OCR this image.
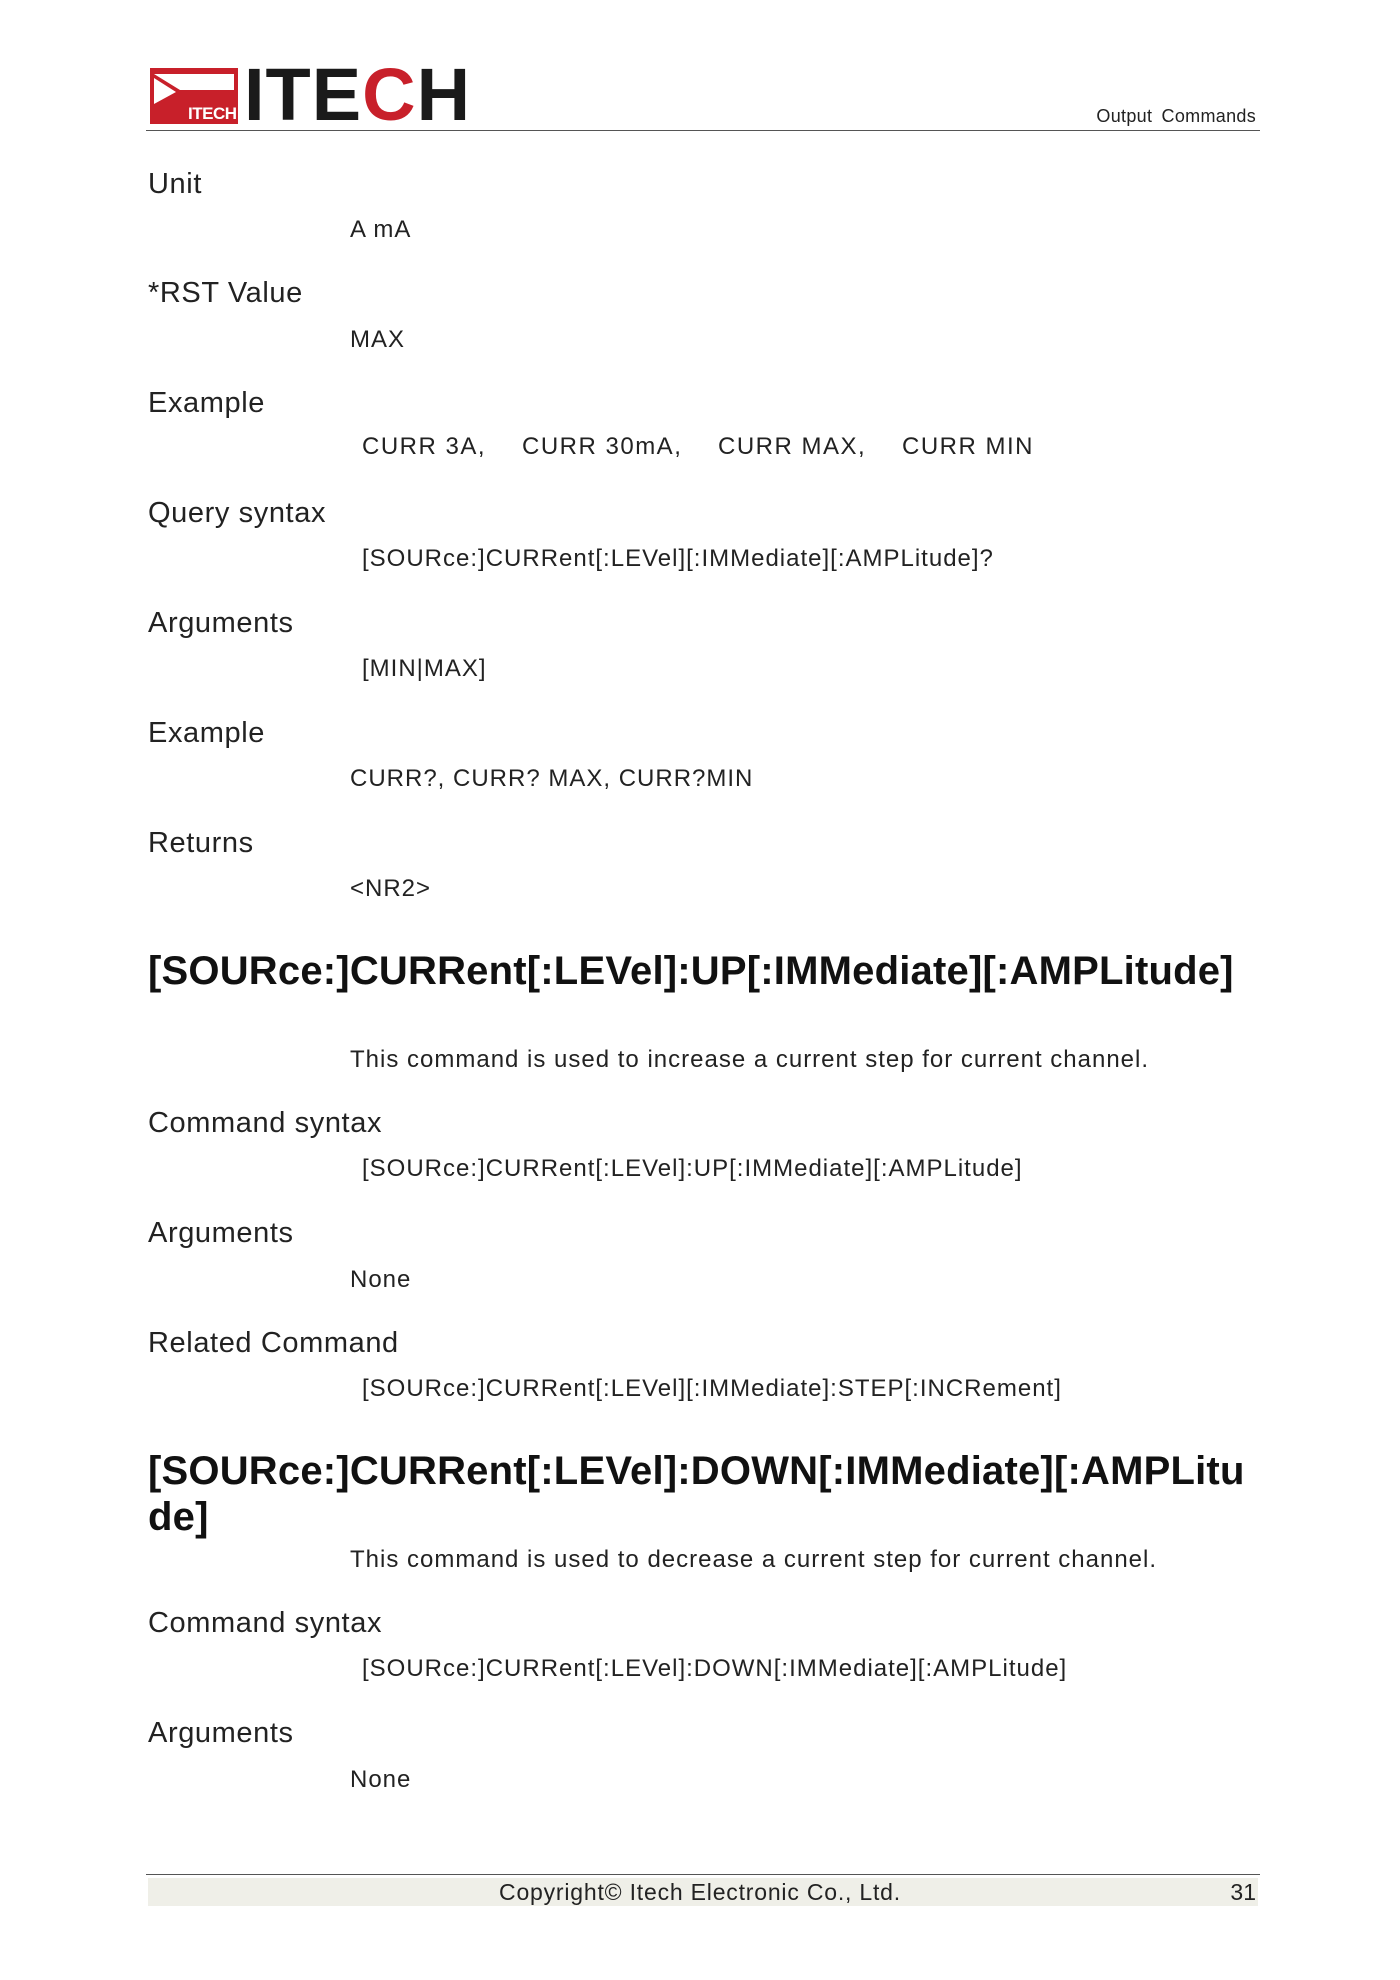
ITECH ITECH	Output Commands
Unit
A mA
*RST Value
MAX
Example
CURR 3A, CURR 30mA, CURR MAX, CURR MIN
Query syntax
[SOURce:]CURRent[:LEVel][:IMMediate][:AMPLitude]?
Arguments
[MIN|MAX]
Example
CURR?, CURR? MAX, CURR?MIN
Returns
<NR2>
[SOURce:]CURRent[:LEVel]:UP[:IMMediate][:AMPLitude]
This command is used to increase a current step for current channel.
Command syntax
[SOURce:]CURRent[:LEVel]:UP[:IMMediate][:AMPLitude]
Arguments
None
Related Command
[SOURce:]CURRent[:LEVel][:IMMediate]:STEP[:INCRement]
[SOURce:]CURRent[:LEVel]:DOWN[:IMMediate][:AMPLitude]
This command is used to decrease a current step for current channel.
Command syntax
[SOURce:]CURRent[:LEVel]:DOWN[:IMMediate][:AMPLitude]
Arguments
None
Copyright© Itech Electronic Co., Ltd.	31
